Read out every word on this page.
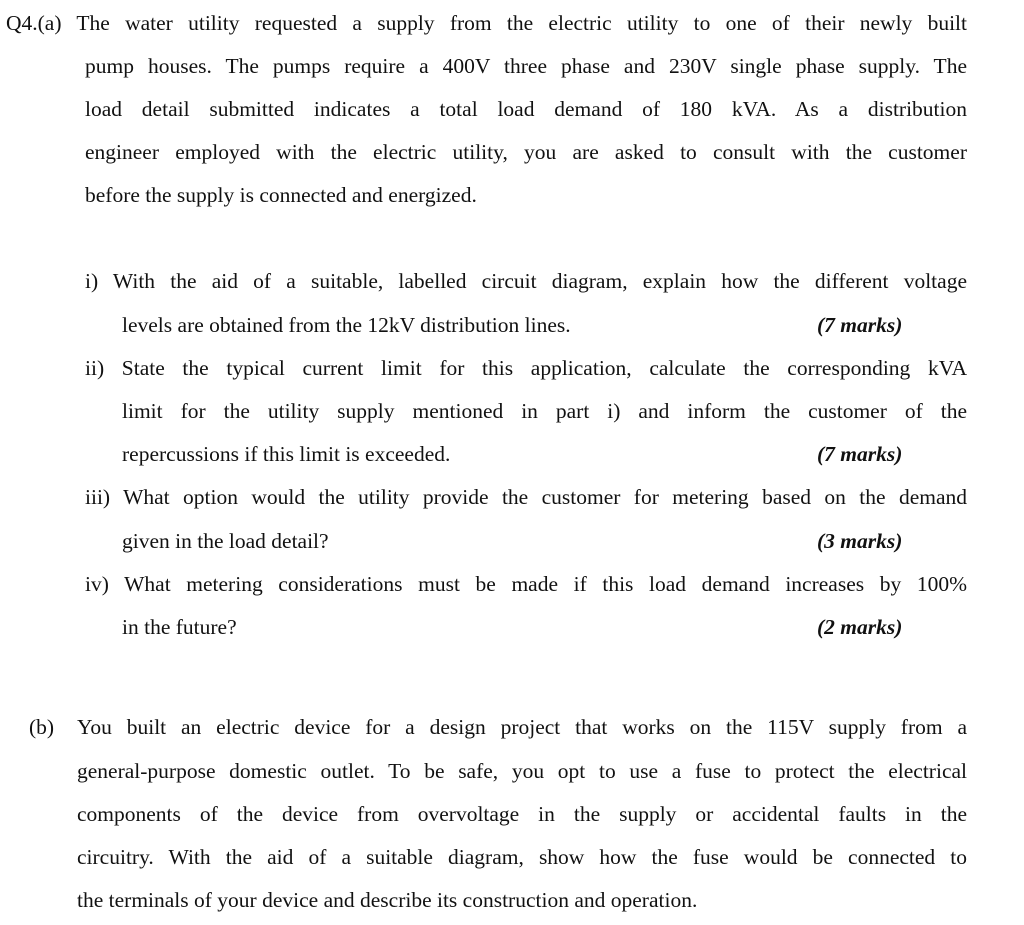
Q4.(a) The water utility requested a supply from the electric utility to one of their newly built
pump houses. The pumps require a 400V three phase and 230V single phase supply. The
load detail submitted indicates a total load demand of 180 kVA. As a distribution
engineer employed with the electric utility, you are asked to consult with the customer
before the supply is connected and energized.
i) With the aid of a suitable, labelled circuit diagram, explain how the different voltage
levels are obtained from the 12kV distribution lines.	(7 marks)
ii) State the typical current limit for this application, calculate the corresponding kVA
limit for the utility supply mentioned in part i) and inform the customer of the
repercussions if this limit is exceeded.	(7 marks)
iii) What option would the utility provide the customer for metering based on the demand
given in the load detail?	(3 marks)
iv) What metering considerations must be made if this load demand increases by 100%
in the future?	(2 marks)
(b) You built an electric device for a design project that works on the 115V supply from a
general-purpose domestic outlet. To be safe, you opt to use a fuse to protect the electrical
components of the device from overvoltage in the supply or accidental faults in the
circuitry. With the aid of a suitable diagram, show how the fuse would be connected to
the terminals of your device and describe its construction and operation.
